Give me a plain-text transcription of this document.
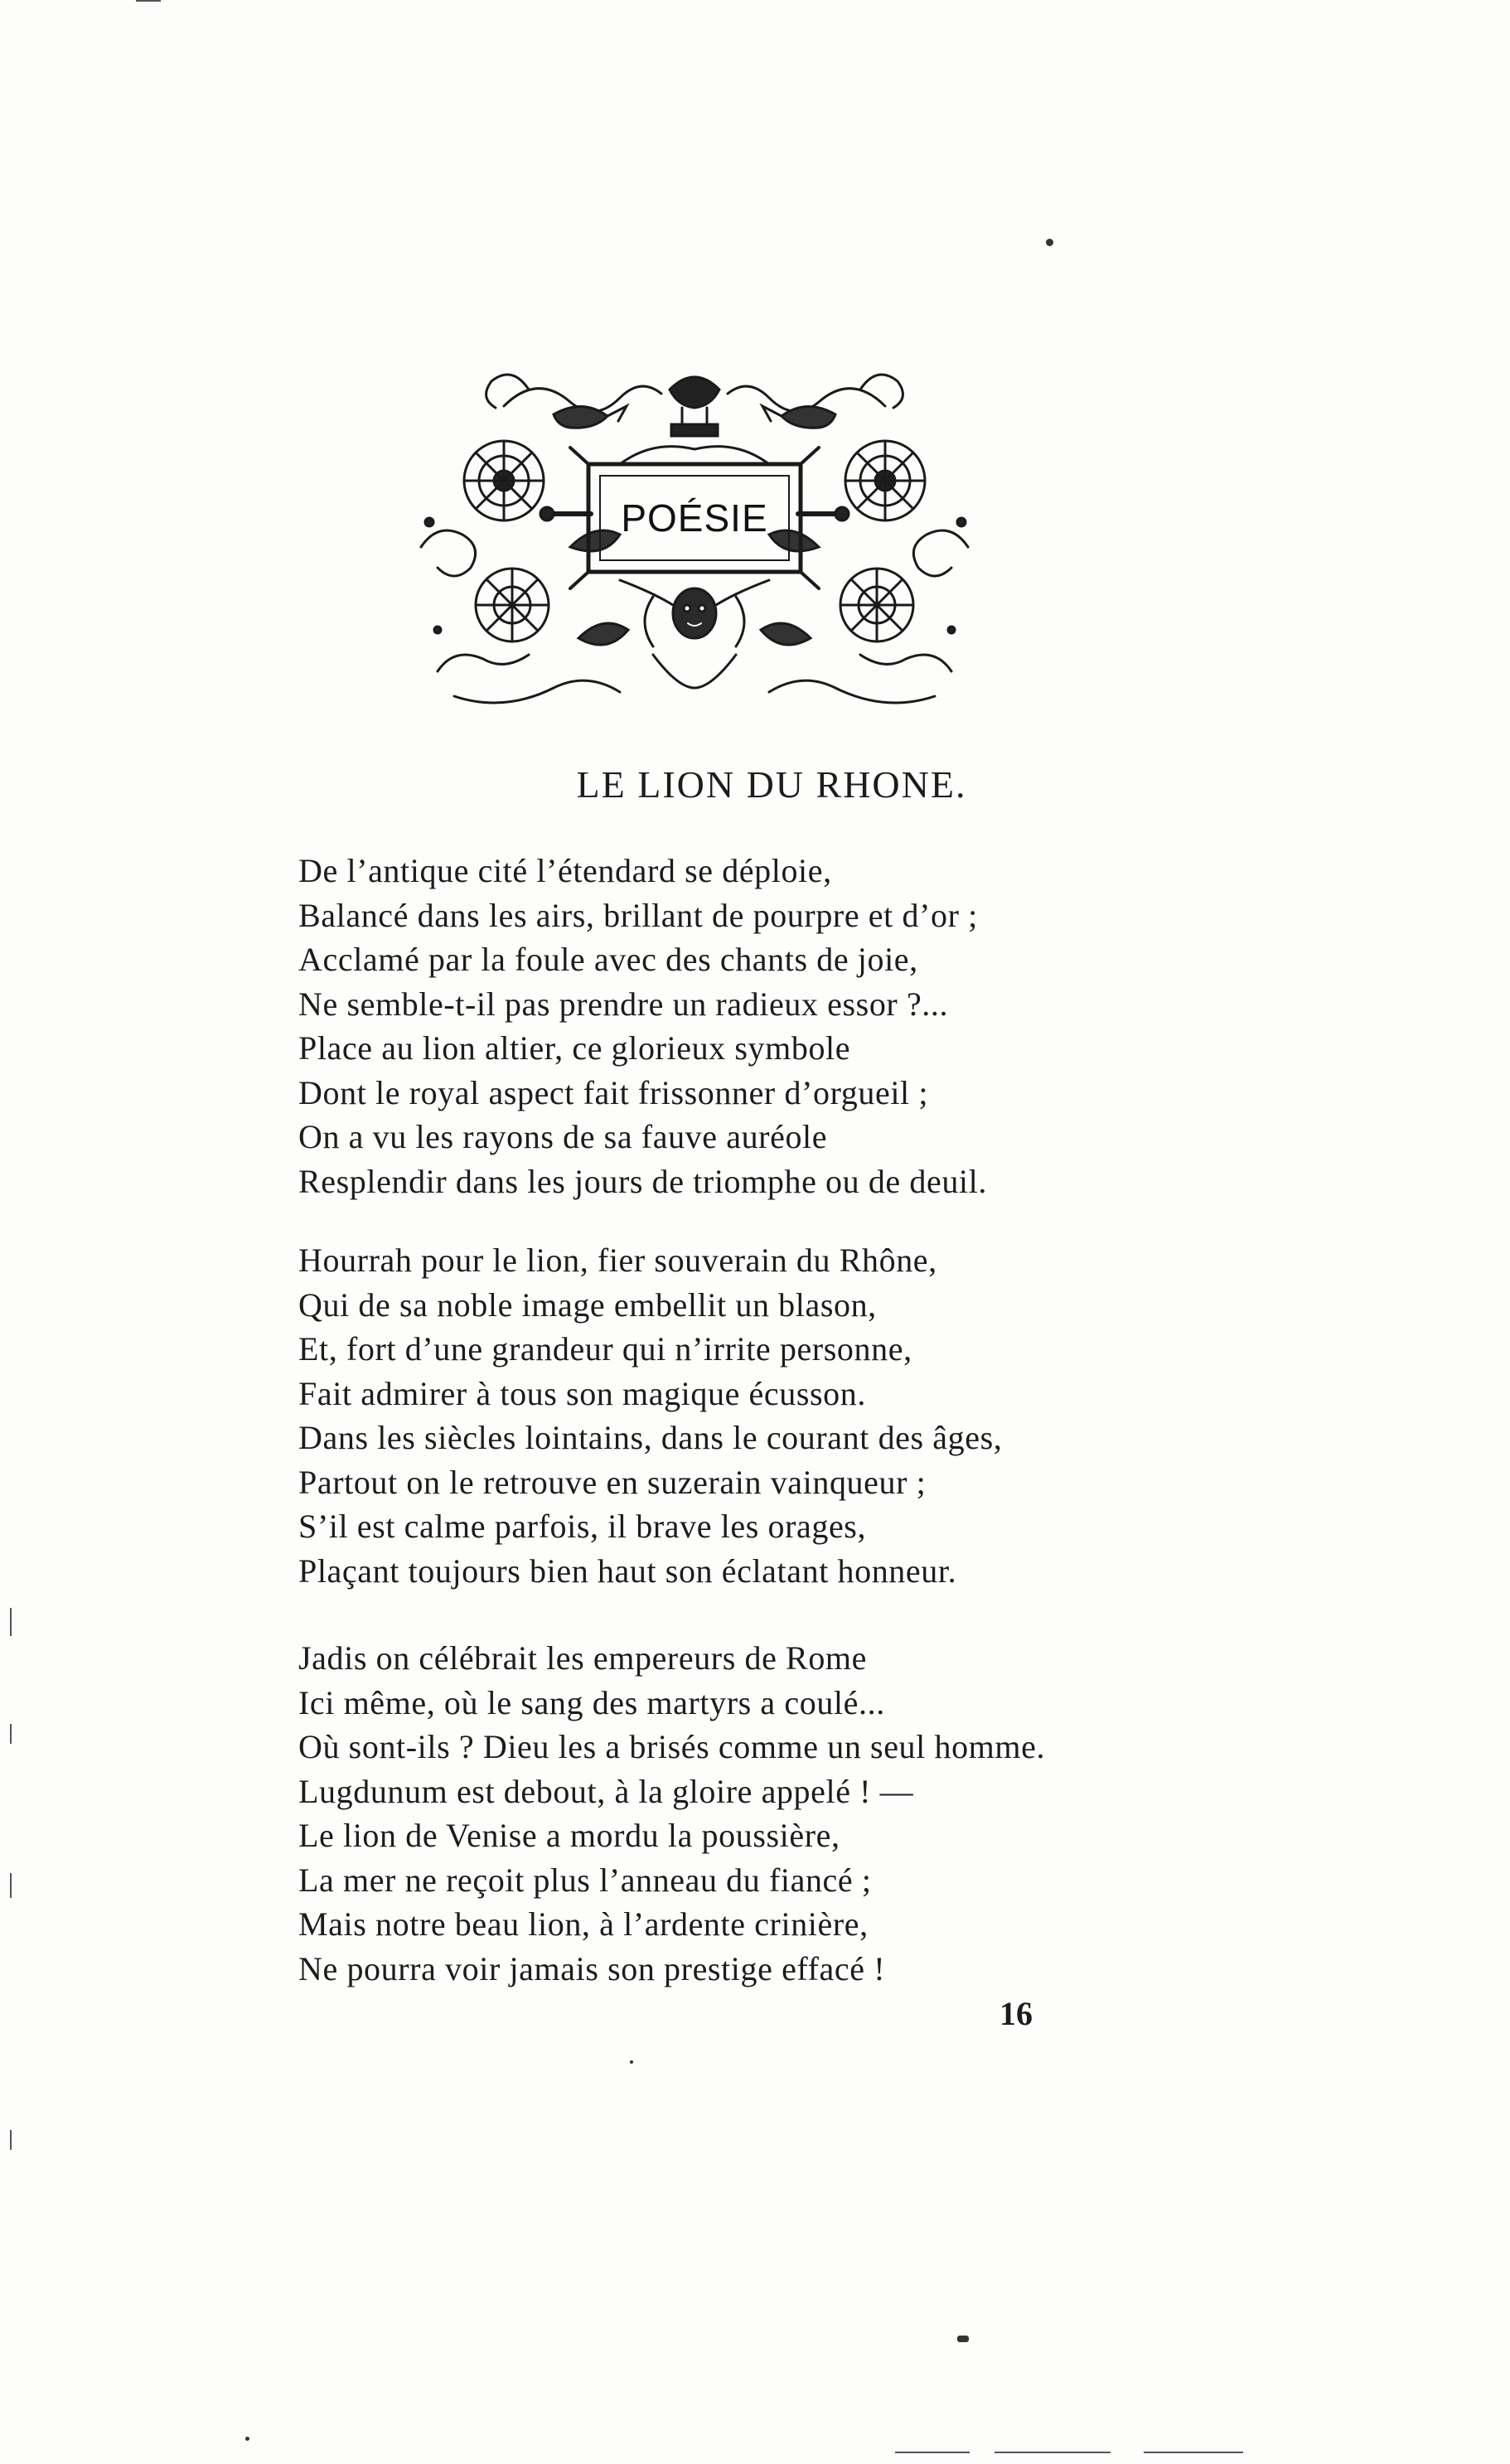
POÉSIE
LE LION DU RHONE.
De l’antique cité l’étendard se déploie,
Balancé dans les airs, brillant de pourpre et d’or ;
Acclamé par la foule avec des chants de joie,
Ne semble-t-il pas prendre un radieux essor ?...
Place au lion altier, ce glorieux symbole
Dont le royal aspect fait frissonner d’orgueil ;
On a vu les rayons de sa fauve auréole
Resplendir dans les jours de triomphe ou de deuil.
Hourrah pour le lion, fier souverain du Rhône,
Qui de sa noble image embellit un blason,
Et, fort d’une grandeur qui n’irrite personne,
Fait admirer à tous son magique écusson.
Dans les siècles lointains, dans le courant des âges,
Partout on le retrouve en suzerain vainqueur ;
S’il est calme parfois, il brave les orages,
Plaçant toujours bien haut son éclatant honneur.
Jadis on célébrait les empereurs de Rome
Ici même, où le sang des martyrs a coulé...
Où sont-ils ? Dieu les a brisés comme un seul homme.
Lugdunum est debout, à la gloire appelé ! —
Le lion de Venise a mordu la poussière,
La mer ne reçoit plus l’anneau du fiancé ;
Mais notre beau lion, à l’ardente crinière,
Ne pourra voir jamais son prestige effacé !
16
